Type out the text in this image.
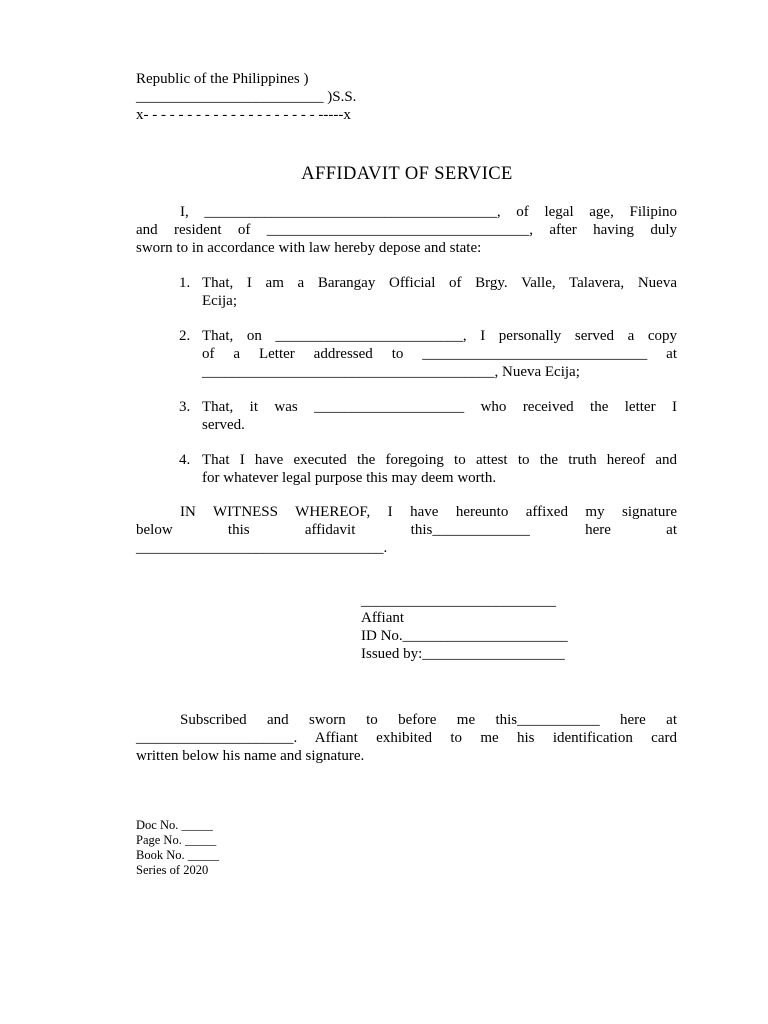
Republic of the Philippines )
_________________________ )S.S.
x- - - - - - - - - - - - - - - - - - - - -----x
AFFIDAVIT OF SERVICE
I, _______________________________________, of legal age, Filipino
and resident of ___________________________________, after having duly
sworn to in accordance with law hereby depose and state:
1. That, I am a Barangay Official of Brgy. Valle, Talavera, Nueva
Ecija;
2. That, on _________________________, I personally served a copy
of a Letter addressed to ______________________________ at
_______________________________________, Nueva Ecija;
3. That, it was ____________________ who received the letter I
served.
4. That I have executed the foregoing to attest to the truth hereof and
for whatever legal purpose this may deem worth.
IN WITNESS WHEREOF, I have hereunto affixed my signature
below this affidavit this_____________ here at
_________________________________.
__________________________
Affiant
ID No.______________________
Issued by:___________________
Subscribed and sworn to before me this___________ here at
_____________________. Affiant exhibited to me his identification card
written below his name and signature.
Doc No. _____
Page No. _____
Book No. _____
Series of 2020
